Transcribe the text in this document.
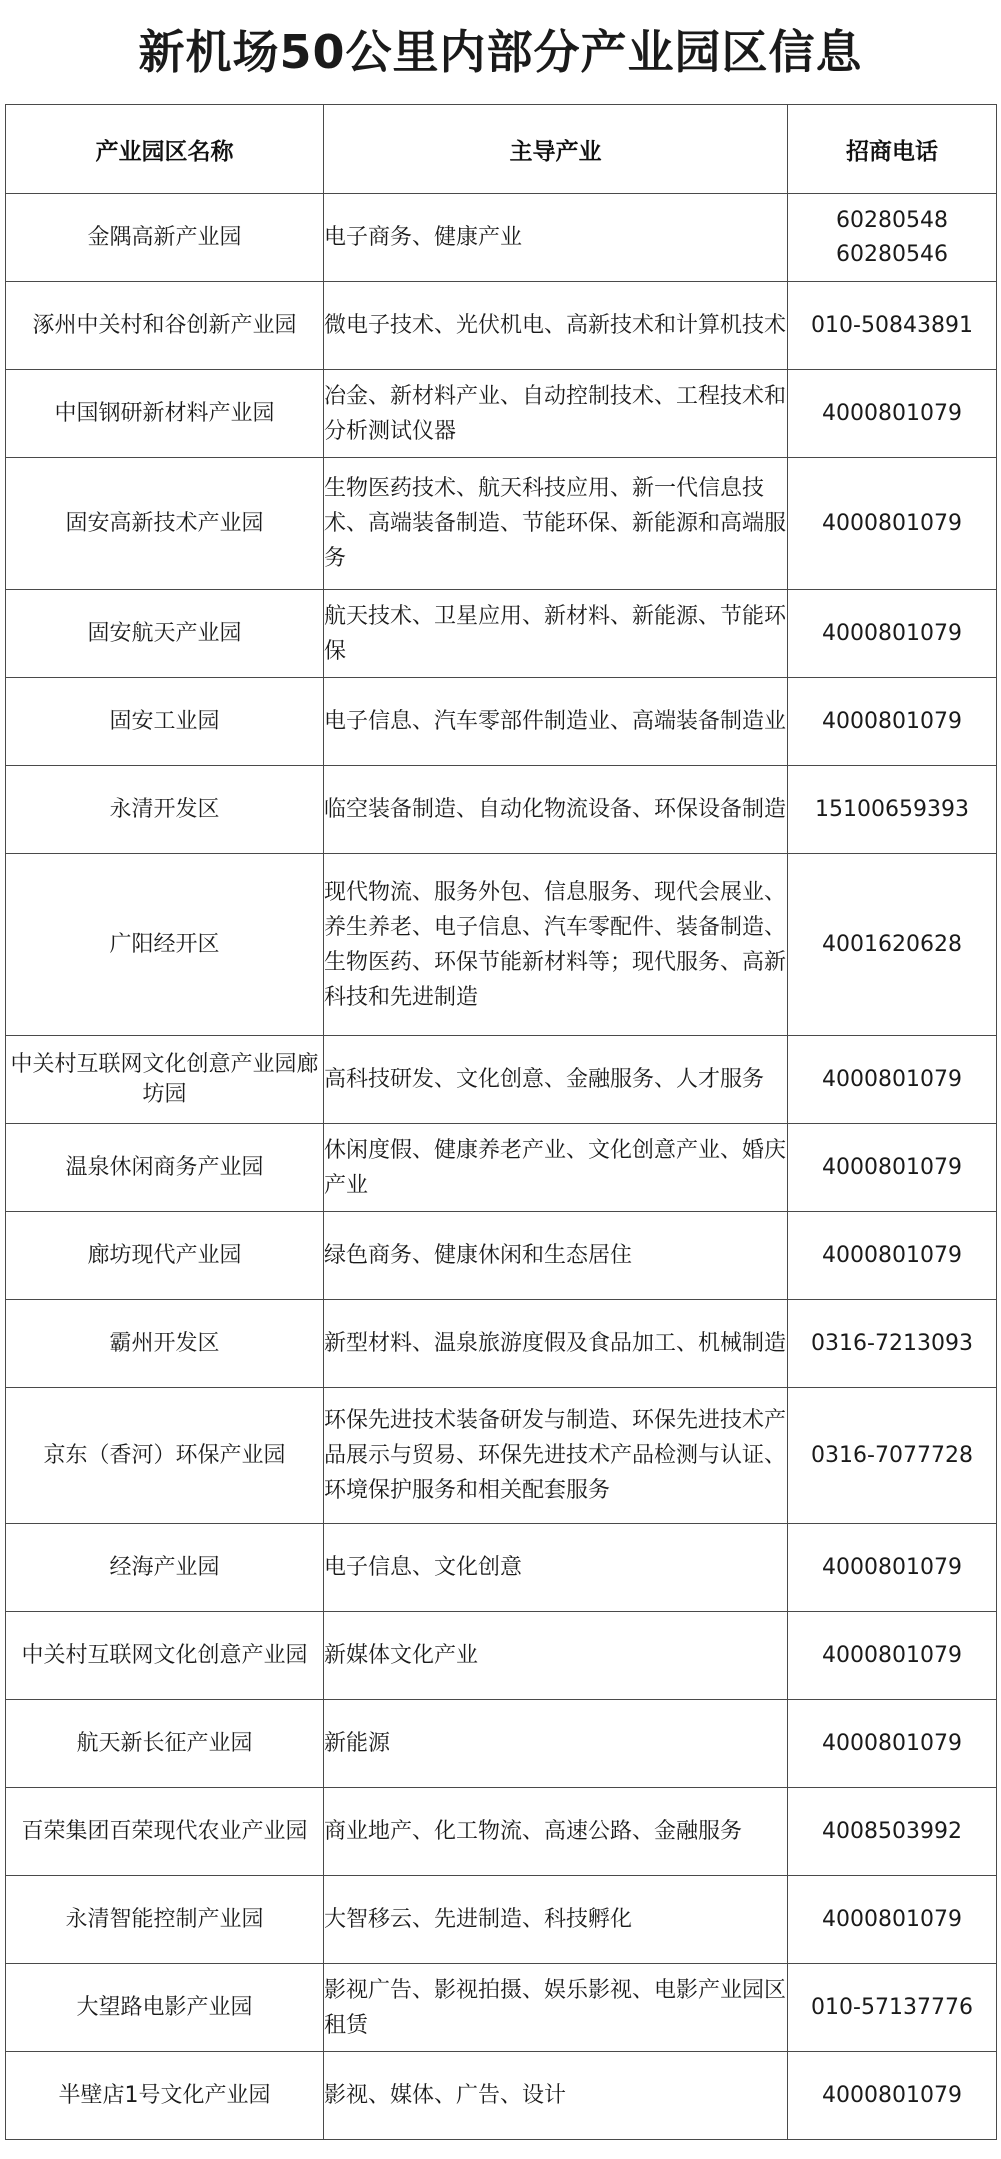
新机场50公里内部分产业园区信息
产业园区名称	主导产业	招商电话
金隅高新产业园	电子商务、健康产业	60280548
60280546

涿州中关村和谷创新产业园	微电子技术、光伏机电、高新技术和计算机技术	010-50843891

中国钢研新材料产业园	冶金、新材料产业、自动控制技术、工程技术和分析测试仪器	4000801079

固安高新技术产业园	生物医药技术、航天科技应用、新一代信息技术、高端装备制造、节能环保、新能源和高端服务	4000801079

固安航天产业园	航天技术、卫星应用、新材料、新能源、节能环保	4000801079

固安工业园	电子信息、汽车零部件制造业、高端装备制造业	4000801079

永清开发区	临空装备制造、自动化物流设备、环保设备制造	15100659393

广阳经开区	现代物流、服务外包、信息服务、现代会展业、养生养老、电子信息、汽车零配件、装备制造、生物医药、环保节能新材料等；现代服务、高新科技和先进制造	4001620628

中关村互联网文化创意产业园廊坊园	高科技研发、文化创意、金融服务、人才服务	4000801079

温泉休闲商务产业园	休闲度假、健康养老产业、文化创意产业、婚庆产业	4000801079

廊坊现代产业园	绿色商务、健康休闲和生态居住	4000801079

霸州开发区	新型材料、温泉旅游度假及食品加工、机械制造	0316-7213093

京东（香河）环保产业园	环保先进技术装备研发与制造、环保先进技术产品展示与贸易、环保先进技术产品检测与认证、环境保护服务和相关配套服务	0316-7077728

经海产业园	电子信息、文化创意	4000801079

中关村互联网文化创意产业园	新媒体文化产业	4000801079

航天新长征产业园	新能源	4000801079

百荣集团百荣现代农业产业园	商业地产、化工物流、高速公路、金融服务	4008503992

永清智能控制产业园	大智移云、先进制造、科技孵化	4000801079

大望路电影产业园	影视广告、影视拍摄、娱乐影视、电影产业园区租赁	010-57137776

半壁店1号文化产业园	影视、媒体、广告、设计	4000801079
